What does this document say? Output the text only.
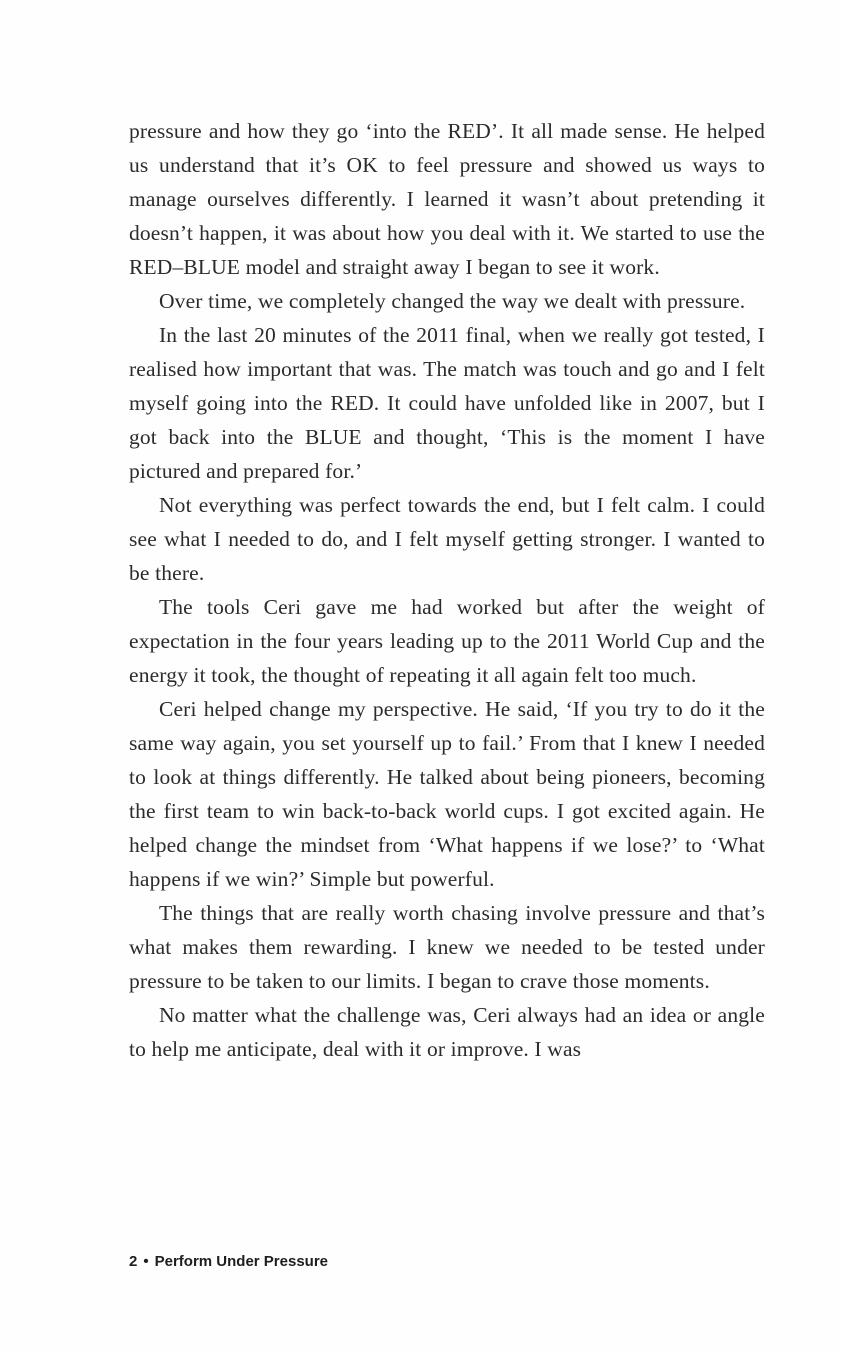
pressure and how they go ‘into the RED’. It all made sense. He helped us understand that it’s OK to feel pressure and showed us ways to manage ourselves differently. I learned it wasn’t about pretending it doesn’t happen, it was about how you deal with it. We started to use the RED–BLUE model and straight away I began to see it work.

Over time, we completely changed the way we dealt with pressure.

In the last 20 minutes of the 2011 final, when we really got tested, I realised how important that was. The match was touch and go and I felt myself going into the RED. It could have unfolded like in 2007, but I got back into the BLUE and thought, ‘This is the moment I have pictured and prepared for.’

Not everything was perfect towards the end, but I felt calm. I could see what I needed to do, and I felt myself getting stronger. I wanted to be there.

The tools Ceri gave me had worked but after the weight of expectation in the four years leading up to the 2011 World Cup and the energy it took, the thought of repeating it all again felt too much.

Ceri helped change my perspective. He said, ‘If you try to do it the same way again, you set yourself up to fail.’ From that I knew I needed to look at things differently. He talked about being pioneers, becoming the first team to win back-to-back world cups. I got excited again. He helped change the mindset from ‘What happens if we lose?’ to ‘What happens if we win?’ Simple but powerful.

The things that are really worth chasing involve pressure and that’s what makes them rewarding. I knew we needed to be tested under pressure to be taken to our limits. I began to crave those moments.

No matter what the challenge was, Ceri always had an idea or angle to help me anticipate, deal with it or improve. I was

2 • Perform Under Pressure
